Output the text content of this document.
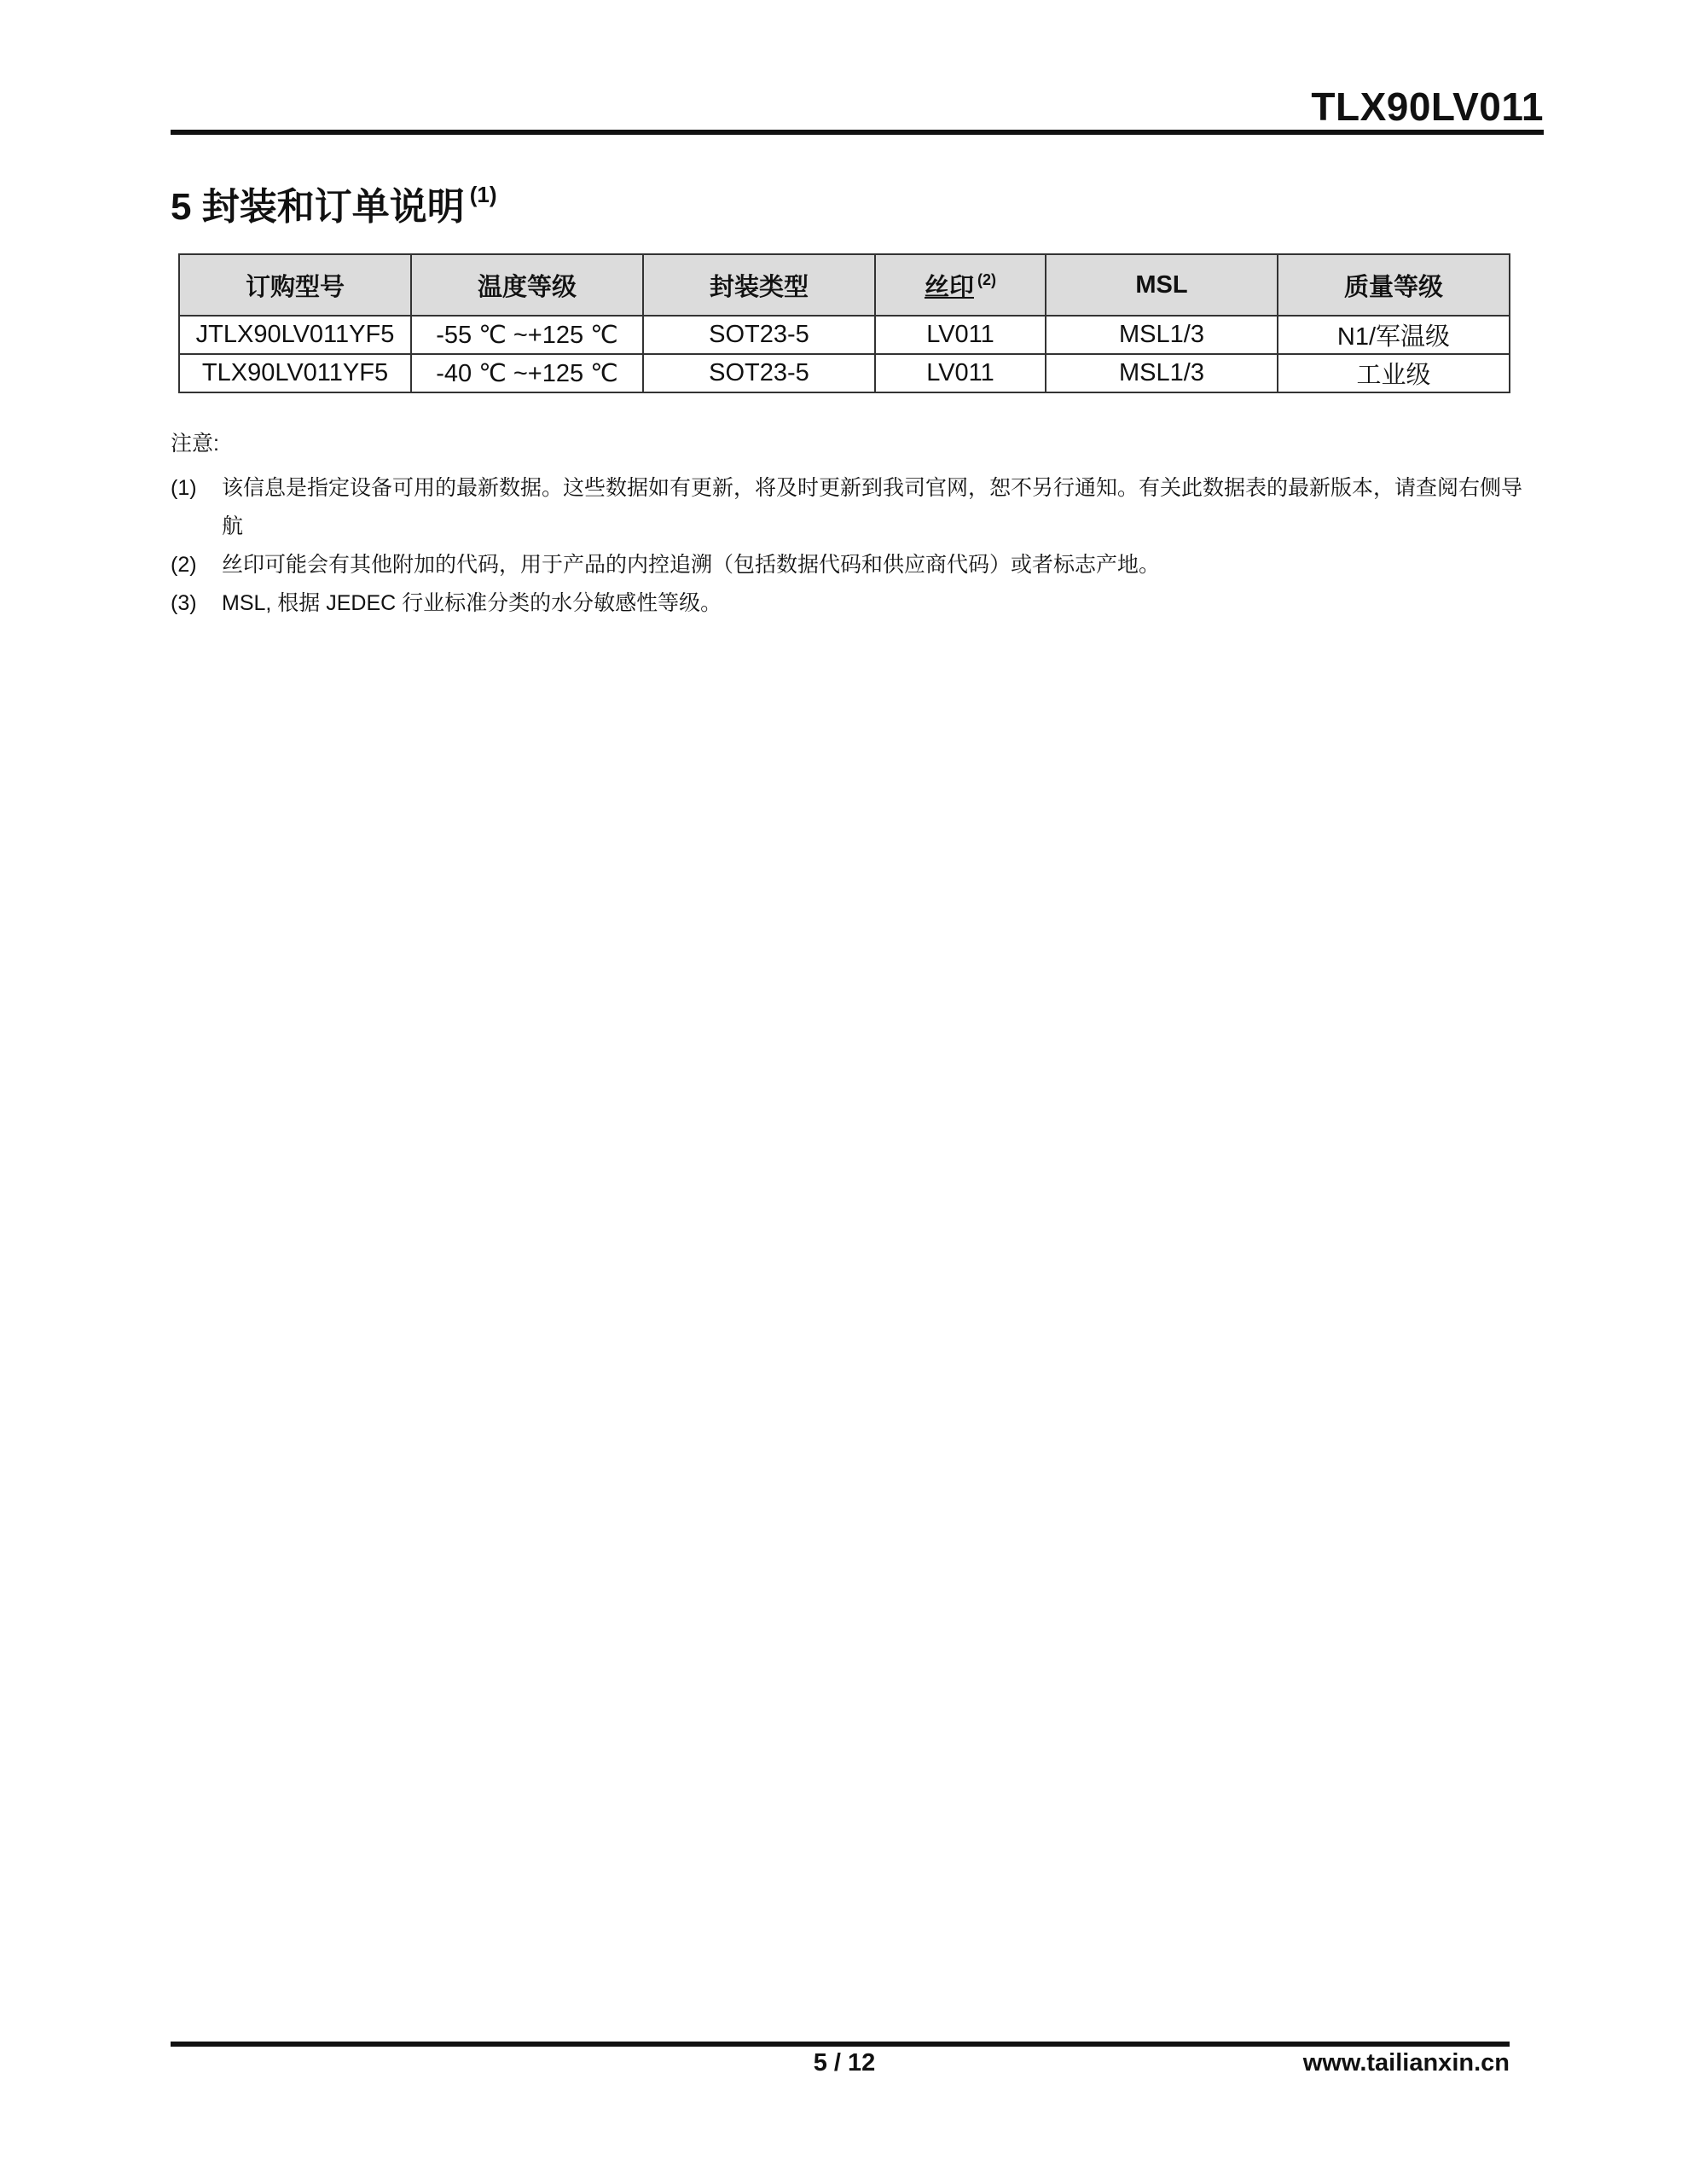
TLX90LV011
5 封装和订单说明 $^{(1)}$
订购型号	温度等级	封装类型	丝印 $^{(2)}$	MSL	质量等级
JTLX90LV011YF5	-55 ℃ ~+125 ℃	SOT23-5	LV011	MSL1/3	N1/军温级
TLX90LV011YF5	-40 ℃ ~+125 ℃	SOT23-5	LV011	MSL1/3	工业级
注意:
(1)	该信息是指定设备可用的最新数据。这些数据如有更新，将及时更新到我司官网，恕不另行通知。有关此数据表的最新版本，请查阅右侧导航
(2)	丝印可能会有其他附加的代码，用于产品的内控追溯（包括数据代码和供应商代码）或者标志产地。
(3)	MSL, 根据 JEDEC 行业标准分类的水分敏感性等级。
5 / 12	www.tailianxin.cn
